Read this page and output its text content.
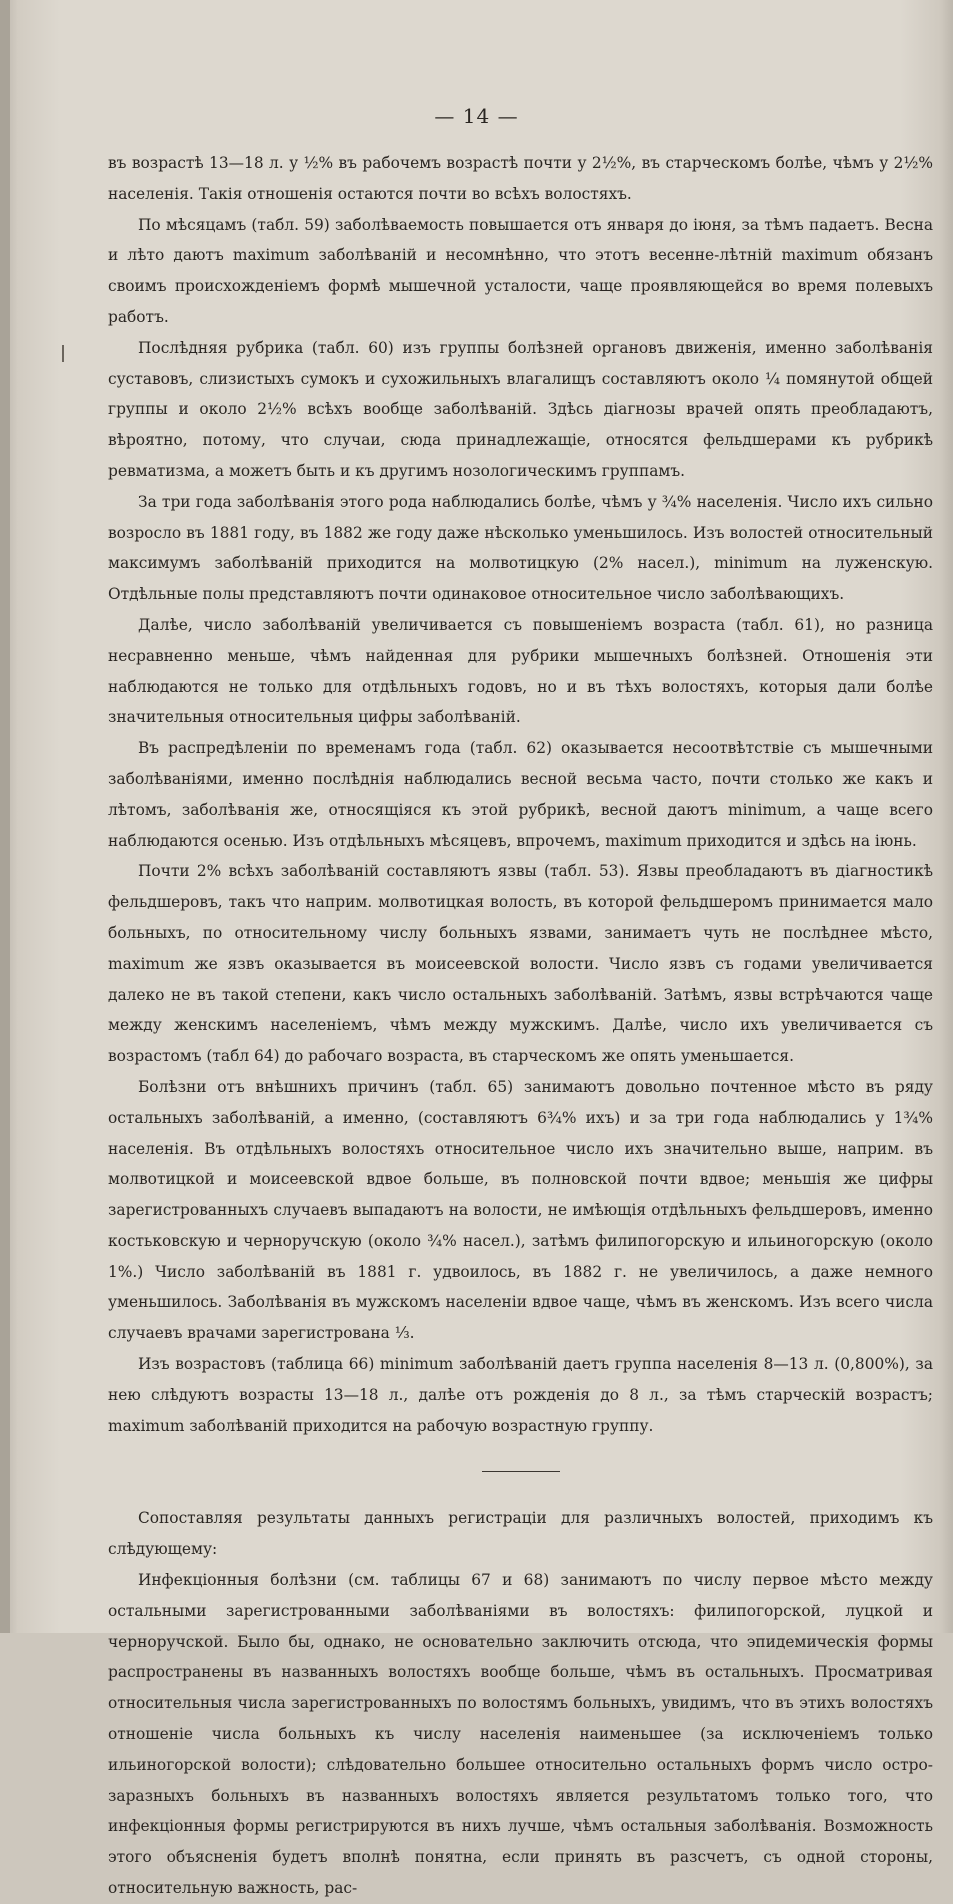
— 14 —

въ возрастѣ 13—18 л. у ½% въ рабочемъ возрастѣ почти у 2½%, въ старческомъ болѣе, чѣмъ у 2½% населенія. Такія отношенія остаются почти во всѣхъ волостяхъ.

По мѣсяцамъ (табл. 59) заболѣваемость повышается отъ января до іюня, за тѣмъ падаетъ. Весна и лѣто даютъ maximum заболѣваній и несомнѣнно, что этотъ весенне-лѣтній maximum обязанъ своимъ происхожденіемъ формѣ мышечной усталости, чаще проявляющейся во время полевыхъ работъ.

Послѣдняя рубрика (табл. 60) изъ группы болѣзней органовъ движенія, именно заболѣванія суставовъ, слизистыхъ сумокъ и сухожильныхъ влагалищъ составляютъ около ¼ помянутой общей группы и около 2½% всѣхъ вообще заболѣваній. Здѣсь діагнозы врачей опять преобладаютъ, вѣроятно, потому, что случаи, сюда принадлежащіе, относятся фельдшерами къ рубрикѣ ревматизма, а можетъ быть и къ другимъ нозологическимъ группамъ.

За три года заболѣванія этого рода наблюдались болѣе, чѣмъ у ¾% населенія. Число ихъ сильно возросло въ 1881 году, въ 1882 же году даже нѣсколько уменьшилось. Изъ волостей относительный максимумъ заболѣваній приходится на молвотицкую (2% насел.), minimum на луженскую. Отдѣльные полы представляютъ почти одинаковое относительное число заболѣвающихъ.

Далѣе, число заболѣваній увеличивается съ повышеніемъ возраста (табл. 61), но разница несравненно меньше, чѣмъ найденная для рубрики мышечныхъ болѣзней. Отношенія эти наблюдаются не только для отдѣльныхъ годовъ, но и въ тѣхъ волостяхъ, которыя дали болѣе значительныя относительныя цифры заболѣваній.

Въ распредѣленіи по временамъ года (табл. 62) оказывается несоотвѣтствіе съ мышечными заболѣваніями, именно послѣднія наблюдались весной весьма часто, почти столько же какъ и лѣтомъ, заболѣванія же, относящіяся къ этой рубрикѣ, весной даютъ minimum, а чаще всего наблюдаются осенью. Изъ отдѣльныхъ мѣсяцевъ, впрочемъ, maximum приходится и здѣсь на іюнь.

Почти 2% всѣхъ заболѣваній составляютъ язвы (табл. 53). Язвы преобладаютъ въ діагностикѣ фельдшеровъ, такъ что наприм. молвотицкая волость, въ которой фельдшеромъ принимается мало больныхъ, по относительному числу больныхъ язвами, занимаетъ чуть не послѣднее мѣсто, maximum же язвъ оказывается въ моисеевской волости. Число язвъ съ годами увеличивается далеко не въ такой степени, какъ число остальныхъ заболѣваній. Затѣмъ, язвы встрѣчаются чаще между женскимъ населеніемъ, чѣмъ между мужскимъ. Далѣе, число ихъ увеличивается съ возрастомъ (табл 64) до рабочаго возраста, въ старческомъ же опять уменьшается.

Болѣзни отъ внѣшнихъ причинъ (табл. 65) занимаютъ довольно почтенное мѣсто въ ряду остальныхъ заболѣваній, а именно, (составляютъ 6¾% ихъ) и за три года наблюдались у 1¾% населенія. Въ отдѣльныхъ волостяхъ относительное число ихъ значительно выше, наприм. въ молвотицкой и моисеевской вдвое больше, въ полновской почти вдвое; меньшія же цифры зарегистрованныхъ случаевъ выпадаютъ на волости, не имѣющія отдѣльныхъ фельдшеровъ, именно костьковскую и черноручскую (около ¾% насел.), затѣмъ филипогорскую и ильиногорскую (около 1%.) Число заболѣваній въ 1881 г. удвоилось, въ 1882 г. не увеличилось, а даже немного уменьшилось. Заболѣванія въ мужскомъ населеніи вдвое чаще, чѣмъ въ женскомъ. Изъ всего числа случаевъ врачами зарегистрована ⅓.

Изъ возрастовъ (таблица 66) minimum заболѣваній даетъ группа населенія 8—13 л. (0,800%), за нею слѣдуютъ возрасты 13—18 л., далѣе отъ рожденія до 8 л., за тѣмъ старческій возрастъ; maximum заболѣваній приходится на рабочую возрастную группу.

Сопоставляя результаты данныхъ регистраціи для различныхъ волостей, приходимъ къ слѣдующему:

Инфекціонныя болѣзни (см. таблицы 67 и 68) занимаютъ по числу первое мѣсто между остальными зарегистрованными заболѣваніями въ волостяхъ: филипогорской, луцкой и черноручской. Было бы, однако, не основательно заключить отсюда, что эпидемическія формы распространены въ названныхъ волостяхъ вообще больше, чѣмъ въ остальныхъ. Просматривая относительныя числа зарегистрованныхъ по волостямъ больныхъ, увидимъ, что въ этихъ волостяхъ отношеніе числа больныхъ къ числу населенія наименьшее (за исключеніемъ только ильиногорской волости); слѣдовательно большее относительно остальныхъ формъ число остро-заразныхъ больныхъ въ названныхъ волостяхъ является результатомъ только того, что инфекціонныя формы регистрируются въ нихъ лучше, чѣмъ остальныя заболѣванія. Возможность этого объясненія будетъ вполнѣ понятна, если принять въ разсчетъ, съ одной стороны, относительную важность, рас-
